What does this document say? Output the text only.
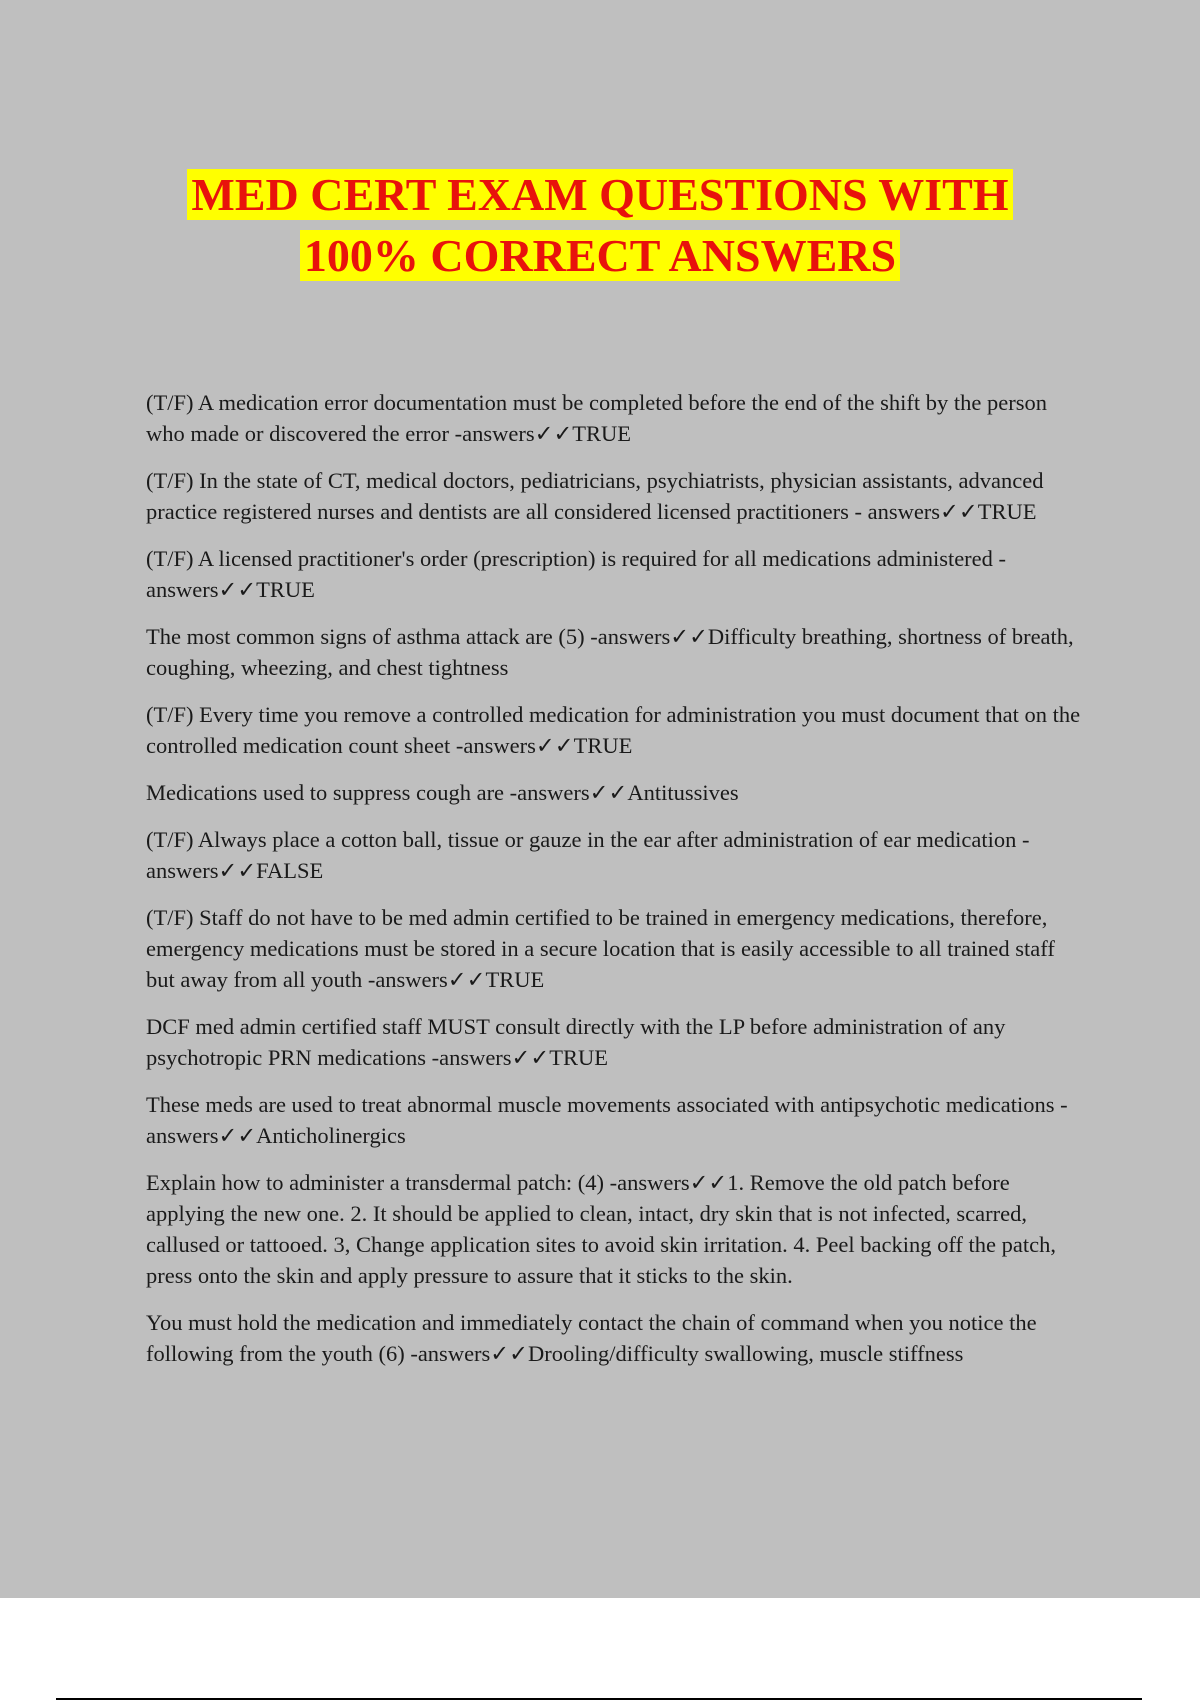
MED CERT EXAM QUESTIONS WITH
100% CORRECT ANSWERS

(T/F) A medication error documentation must be completed before the end of the shift by the person who made or discovered the error -answers✓✓TRUE

(T/F) In the state of CT, medical doctors, pediatricians, psychiatrists, physician assistants, advanced practice registered nurses and dentists are all considered licensed practitioners - answers✓✓TRUE

(T/F) A licensed practitioner's order (prescription) is required for all medications administered - answers✓✓TRUE

The most common signs of asthma attack are (5) -answers✓✓Difficulty breathing, shortness of breath, coughing, wheezing, and chest tightness

(T/F) Every time you remove a controlled medication for administration you must document that on the controlled medication count sheet -answers✓✓TRUE

Medications used to suppress cough are -answers✓✓Antitussives

(T/F) Always place a cotton ball, tissue or gauze in the ear after administration of ear medication -answers✓✓FALSE

(T/F) Staff do not have to be med admin certified to be trained in emergency medications, therefore, emergency medications must be stored in a secure location that is easily accessible to all trained staff but away from all youth -answers✓✓TRUE

DCF med admin certified staff MUST consult directly with the LP before administration of any psychotropic PRN medications -answers✓✓TRUE

These meds are used to treat abnormal muscle movements associated with antipsychotic medications -answers✓✓Anticholinergics

Explain how to administer a transdermal patch: (4) -answers✓✓1. Remove the old patch before applying the new one. 2. It should be applied to clean, intact, dry skin that is not infected, scarred, callused or tattooed. 3, Change application sites to avoid skin irritation. 4. Peel backing off the patch, press onto the skin and apply pressure to assure that it sticks to the skin.

You must hold the medication and immediately contact the chain of command when you notice the following from the youth (6) -answers✓✓Drooling/difficulty swallowing, muscle stiffness
